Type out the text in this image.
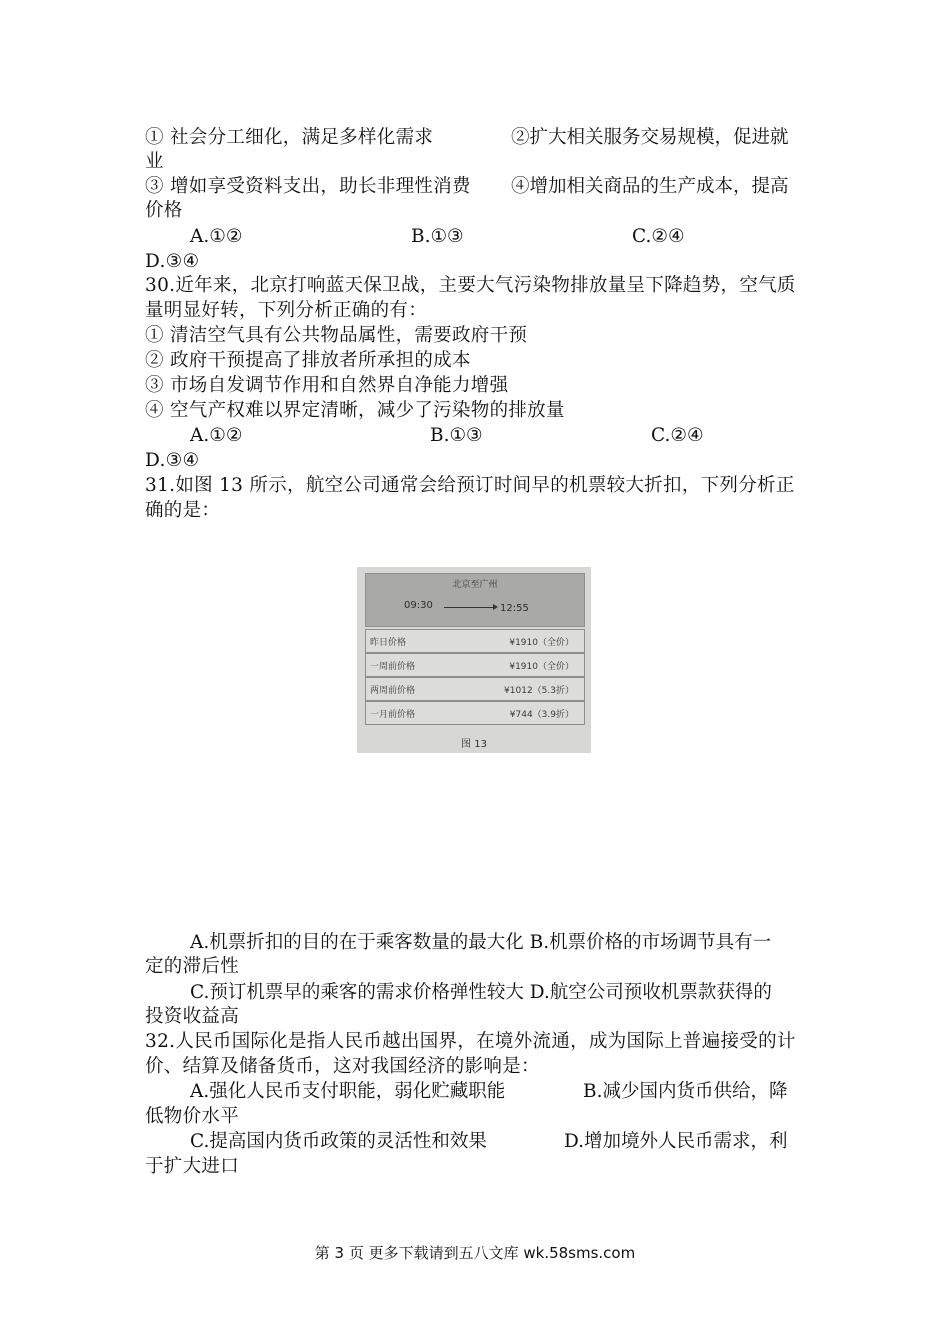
① 社会分工细化，满足多样化需求	②扩大相关服务交易规模，促进就
业
③ 增如享受资料支出，助长非理性消费 ④增加相关商品的生产成本，提高
价格
A.①②	B.①③	C.②④
D.③④
30.近年来，北京打响蓝天保卫战，主要大气污染物排放量呈下降趋势，空气质
量明显好转，下列分析正确的有：
① 清洁空气具有公共物品属性，需要政府干预
② 政府干预提高了排放者所承担的成本
③ 市场自发调节作用和自然界自净能力增强
④ 空气产权难以界定清晰，减少了污染物的排放量
A.①②	B.①③	C.②④
D.③④
31.如图 13 所示，航空公司通常会给预订时间早的机票较大折扣，下列分析正
确的是：
北京至广州
09:30	12:55
昨日价格	¥1910（全价）
一周前价格	¥1910（全价）
两周前价格	¥1012（5.3折）
一月前价格	¥744（3.9折）
图 13
A.机票折扣的目的在于乘客数量的最大化 B.机票价格的市场调节具有一
定的滞后性
C.预订机票早的乘客的需求价格弹性较大 D.航空公司预收机票款获得的
投资收益高
32.人民币国际化是指人民币越出国界，在境外流通，成为国际上普遍接受的计
价、结算及储备货币，这对我国经济的影响是：
A.强化人民币支付职能，弱化贮藏职能	B.减少国内货币供给，降
低物价水平
C.提高国内货币政策的灵活性和效果	D.增加境外人民币需求，利
于扩大进口
第 3 页 更多下载请到五八文库 wk.58sms.com
